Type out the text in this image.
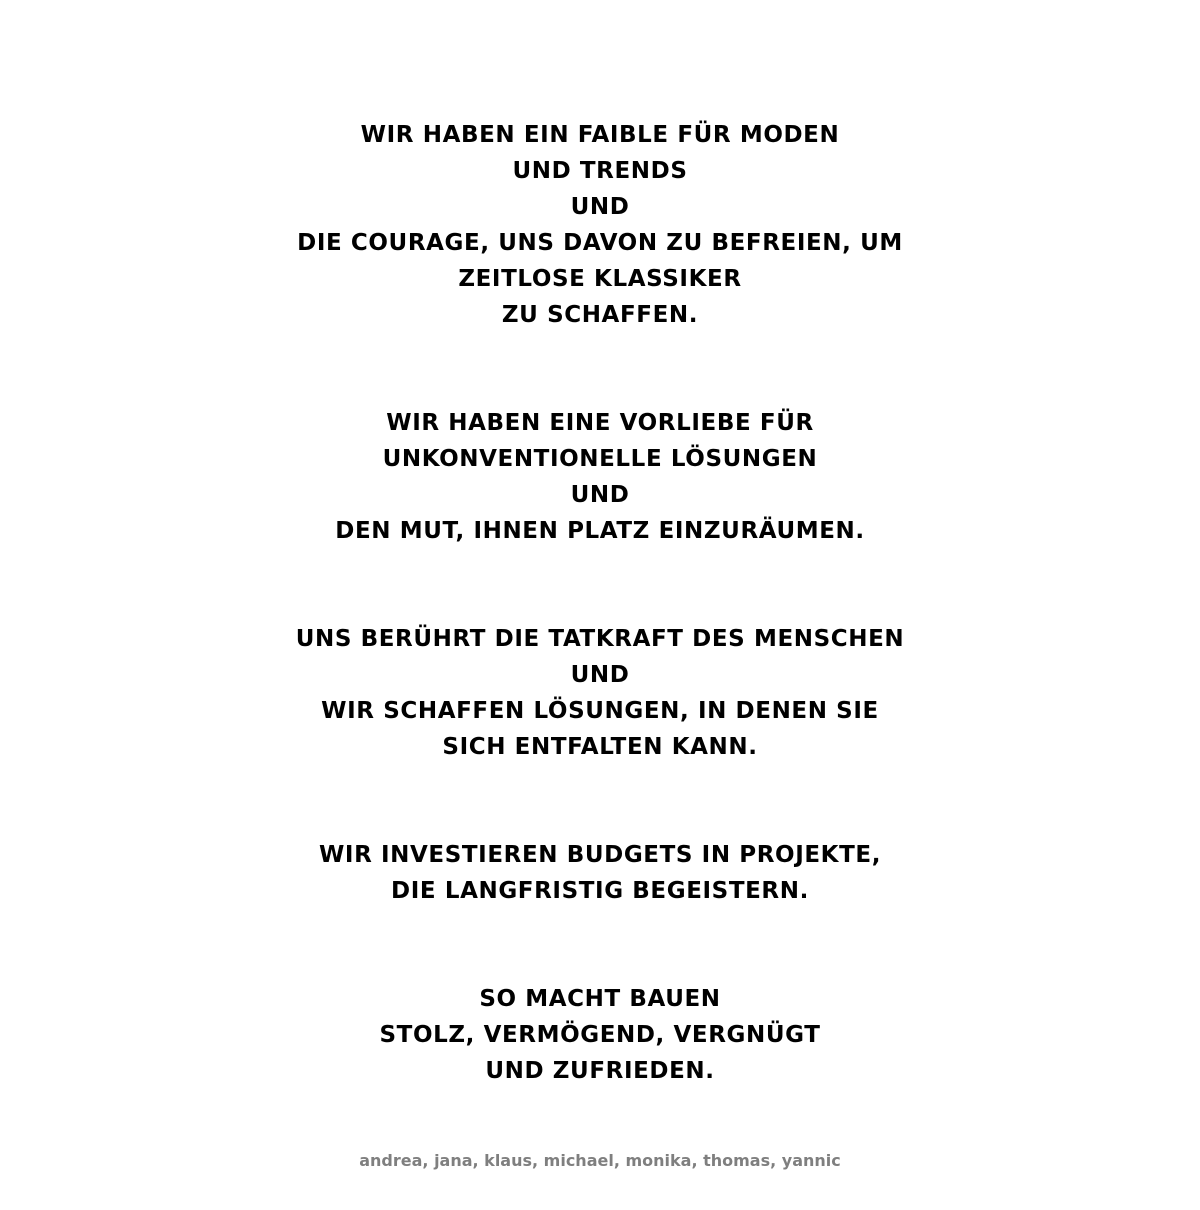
WIR HABEN EIN FAIBLE FÜR MODEN
UND TRENDS
UND
DIE COURAGE, UNS DAVON ZU BEFREIEN, UM
ZEITLOSE KLASSIKER
ZU SCHAFFEN.
WIR HABEN EINE VORLIEBE FÜR
UNKONVENTIONELLE LÖSUNGEN
UND
DEN MUT, IHNEN PLATZ EINZURÄUMEN.
UNS BERÜHRT DIE TATKRAFT DES MENSCHEN
UND
WIR SCHAFFEN LÖSUNGEN, IN DENEN SIE
SICH ENTFALTEN KANN.
WIR INVESTIEREN BUDGETS IN PROJEKTE,
DIE LANGFRISTIG BEGEISTERN.
SO MACHT BAUEN
STOLZ, VERMÖGEND, VERGNÜGT
UND ZUFRIEDEN.
andrea, jana, klaus, michael, monika, thomas, yannic
